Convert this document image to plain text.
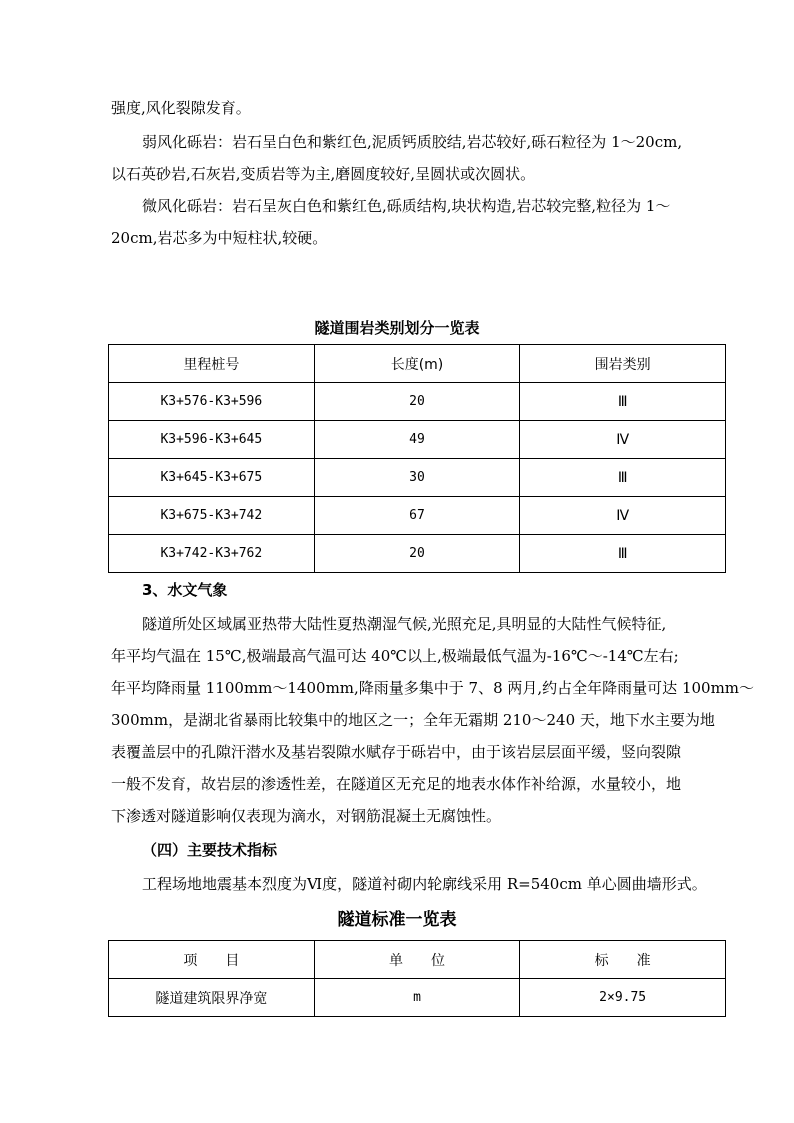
强度,风化裂隙发育。
弱风化砾岩：岩石呈白色和紫红色,泥质钙质胶结,岩芯较好,砾石粒径为 1～20cm,
以石英砂岩,石灰岩,变质岩等为主,磨圆度较好,呈圆状或次圆状。
微风化砾岩：岩石呈灰白色和紫红色,砾质结构,块状构造,岩芯较完整,粒径为 1～
20cm,岩芯多为中短柱状,较硬。
隧道围岩类别划分一览表
里程桩号	长度(m)	围岩类别
K3+576-K3+596	20	Ⅲ
K3+596-K3+645	49	Ⅳ
K3+645-K3+675	30	Ⅲ
K3+675-K3+742	67	Ⅳ
K3+742-K3+762	20	Ⅲ
3、水文气象
隧道所处区域属亚热带大陆性夏热潮湿气候,光照充足,具明显的大陆性气候特征,
年平均气温在 15℃,极端最高气温可达 40℃以上,极端最低气温为-16℃～-14℃左右;
年平均降雨量 1100mm～1400mm,降雨量多集中于 7、8 两月,约占全年降雨量可达 100mm～
300mm，是湖北省暴雨比较集中的地区之一；全年无霜期 210～240 天，地下水主要为地
表覆盖层中的孔隙汗潜水及基岩裂隙水赋存于砾岩中，由于该岩层层面平缓，竖向裂隙
一般不发育，故岩层的渗透性差，在隧道区无充足的地表水体作补给源，水量较小，地
下渗透对隧道影响仅表现为滴水，对钢筋混凝土无腐蚀性。
（四）主要技术指标
工程场地地震基本烈度为Ⅵ度，隧道衬砌内轮廓线采用 R=540cm 单心圆曲墙形式。
隧道标准一览表
项　　目	单　　位	标　　准
隧道建筑限界净宽	m	2×9.75
